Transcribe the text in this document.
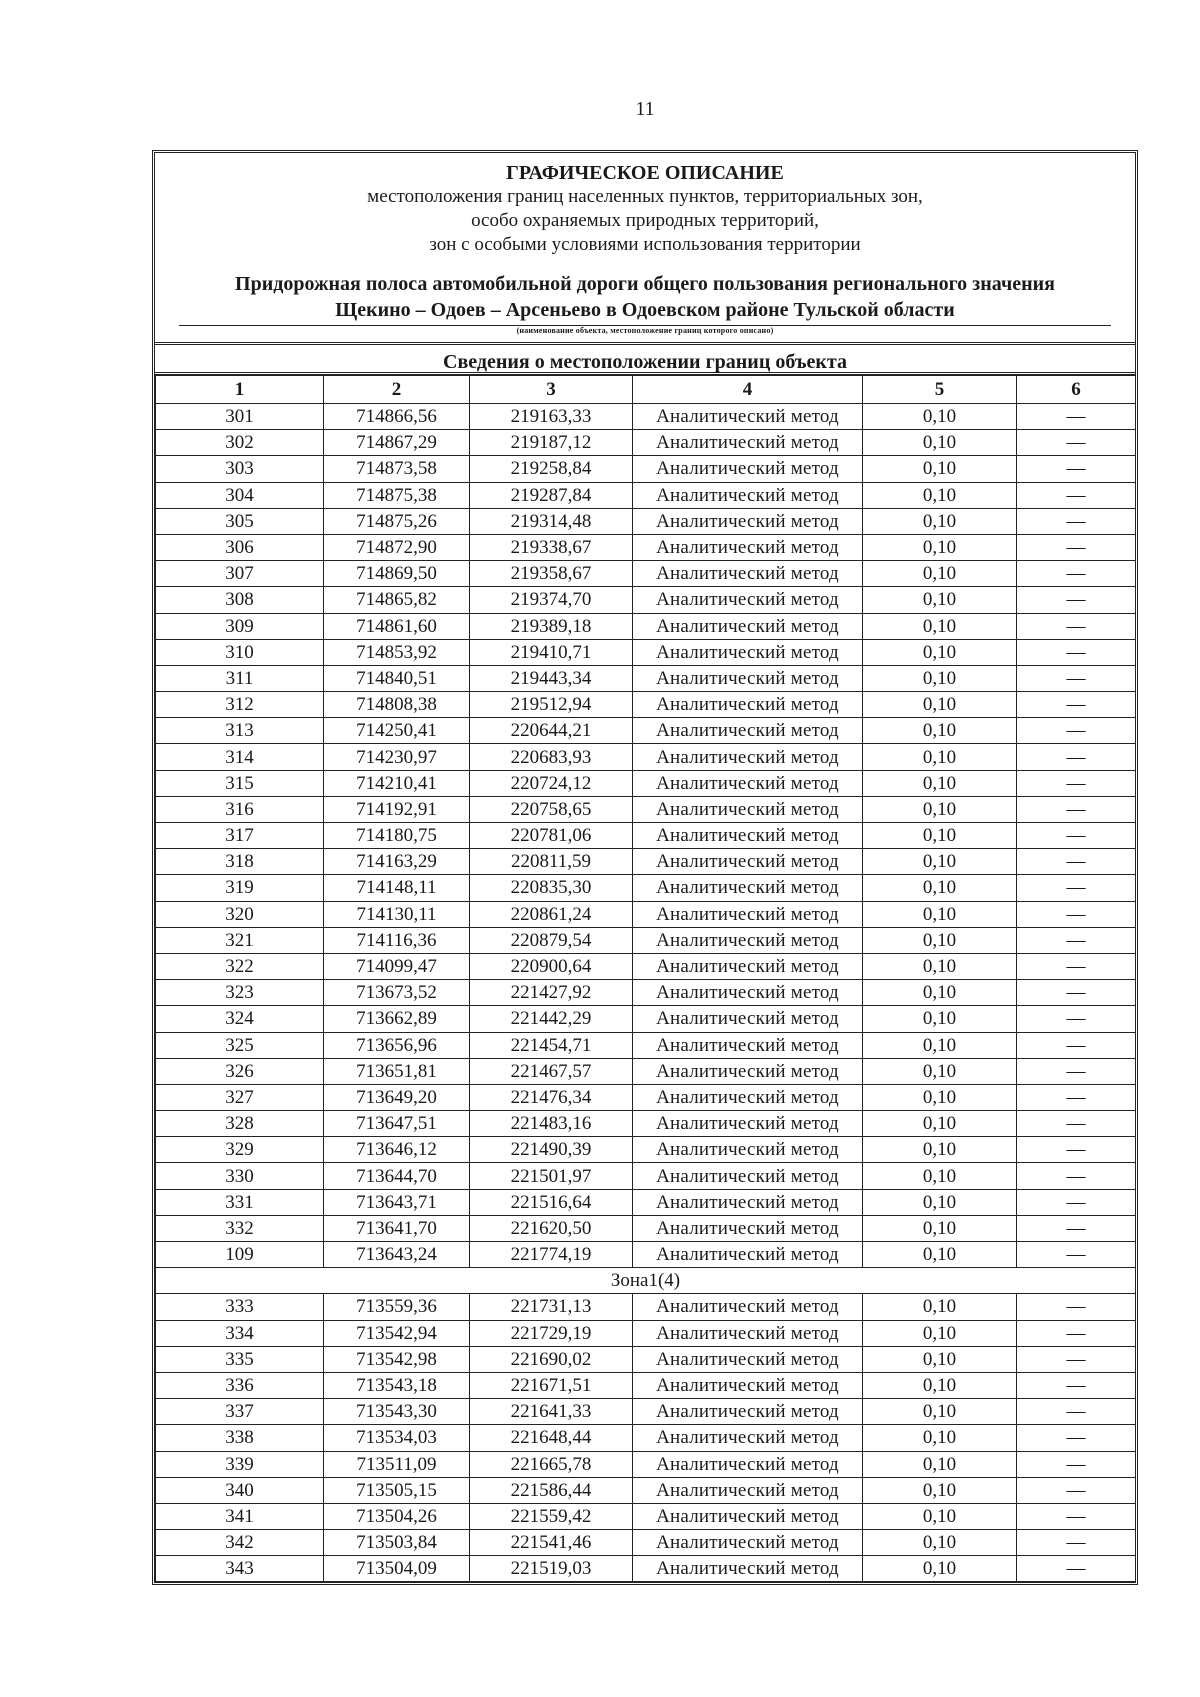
11
ГРАФИЧЕСКОЕ ОПИСАНИЕ
местоположения границ населенных пунктов, территориальных зон,
особо охраняемых природных территорий,
зон с особыми условиями использования территории
Придорожная полоса автомобильной дороги общего пользования регионального значения
Щекино – Одоев – Арсеньево в Одоевском районе Тульской области
(наименование объекта, местоположение границ которого описано)
Сведения о местоположении границ объекта
1	2	3	4	5	6
301	714866,56	219163,33	Аналитический метод	0,10	—
302	714867,29	219187,12	Аналитический метод	0,10	—
303	714873,58	219258,84	Аналитический метод	0,10	—
304	714875,38	219287,84	Аналитический метод	0,10	—
305	714875,26	219314,48	Аналитический метод	0,10	—
306	714872,90	219338,67	Аналитический метод	0,10	—
307	714869,50	219358,67	Аналитический метод	0,10	—
308	714865,82	219374,70	Аналитический метод	0,10	—
309	714861,60	219389,18	Аналитический метод	0,10	—
310	714853,92	219410,71	Аналитический метод	0,10	—
311	714840,51	219443,34	Аналитический метод	0,10	—
312	714808,38	219512,94	Аналитический метод	0,10	—
313	714250,41	220644,21	Аналитический метод	0,10	—
314	714230,97	220683,93	Аналитический метод	0,10	—
315	714210,41	220724,12	Аналитический метод	0,10	—
316	714192,91	220758,65	Аналитический метод	0,10	—
317	714180,75	220781,06	Аналитический метод	0,10	—
318	714163,29	220811,59	Аналитический метод	0,10	—
319	714148,11	220835,30	Аналитический метод	0,10	—
320	714130,11	220861,24	Аналитический метод	0,10	—
321	714116,36	220879,54	Аналитический метод	0,10	—
322	714099,47	220900,64	Аналитический метод	0,10	—
323	713673,52	221427,92	Аналитический метод	0,10	—
324	713662,89	221442,29	Аналитический метод	0,10	—
325	713656,96	221454,71	Аналитический метод	0,10	—
326	713651,81	221467,57	Аналитический метод	0,10	—
327	713649,20	221476,34	Аналитический метод	0,10	—
328	713647,51	221483,16	Аналитический метод	0,10	—
329	713646,12	221490,39	Аналитический метод	0,10	—
330	713644,70	221501,97	Аналитический метод	0,10	—
331	713643,71	221516,64	Аналитический метод	0,10	—
332	713641,70	221620,50	Аналитический метод	0,10	—
109	713643,24	221774,19	Аналитический метод	0,10	—
Зона1(4)					
333	713559,36	221731,13	Аналитический метод	0,10	—
334	713542,94	221729,19	Аналитический метод	0,10	—
335	713542,98	221690,02	Аналитический метод	0,10	—
336	713543,18	221671,51	Аналитический метод	0,10	—
337	713543,30	221641,33	Аналитический метод	0,10	—
338	713534,03	221648,44	Аналитический метод	0,10	—
339	713511,09	221665,78	Аналитический метод	0,10	—
340	713505,15	221586,44	Аналитический метод	0,10	—
341	713504,26	221559,42	Аналитический метод	0,10	—
342	713503,84	221541,46	Аналитический метод	0,10	—
343	713504,09	221519,03	Аналитический метод	0,10	—
